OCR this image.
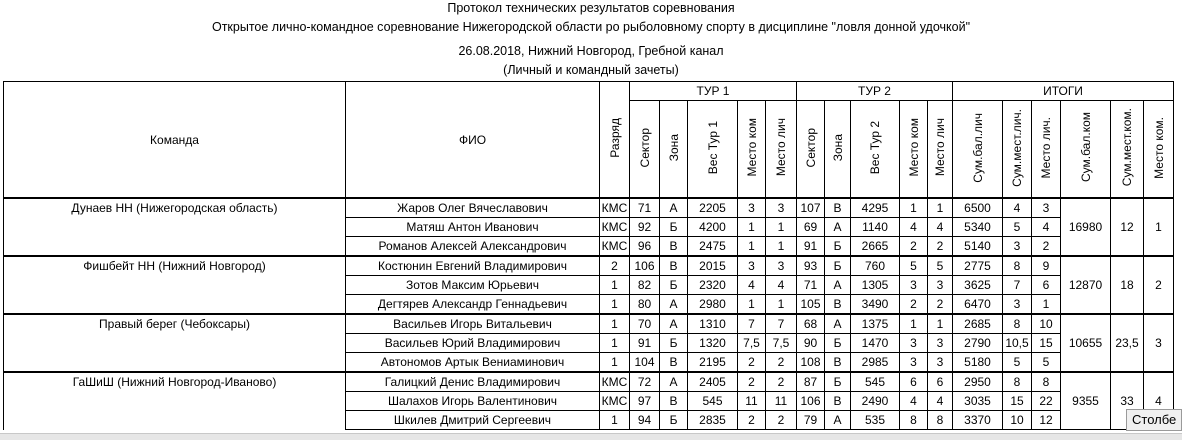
Протокол технических результатов соревнования
Открытое лично-командное соревнование Нижегородской области ро рыболовному спорту в дисциплине "ловля донной удочкой"
26.08.2018, Нижний Новгород, Гребной канал
(Личный и командный зачеты)
Команда	ФИО	Разряд	ТУР 1					ТУР 2					ИТОГИ					
			Сектор	Зона	Вес Тур 1	Место ком	Место лич	Сектор	Зона	Вес Тур 2	Место ком	Место лич	Сум.бал.лич	Сум.мест.лич.	Место лич.	Сум.бал.ком	Сум.мест.ком.	Место ком.
Дунаев НН (Нижегородская область)	Жаров Олег Вячеславович	КМС	71	А	2205	3	3	107	В	4295	1	1	6500	4	3	16980	12	1
	Матяш Антон Иванович	КМС	92	Б	4200	1	1	69	А	1140	4	4	5340	5	4			
	Романов Алексей Александрович	КМС	96	В	2475	1	1	91	Б	2665	2	2	5140	3	2			
Фишбейт НН (Нижний Новгород)	Костюнин Евгений Владимирович	2	106	В	2015	3	3	93	Б	760	5	5	2775	8	9	12870	18	2
	Зотов Максим Юрьевич	1	82	Б	2320	4	4	71	А	1305	3	3	3625	7	6			
	Дегтярев Александр Геннадьевич	1	80	А	2980	1	1	105	В	3490	2	2	6470	3	1			
Правый берег (Чебоксары)	Васильев Игорь Витальевич	1	70	А	1310	7	7	68	А	1375	1	1	2685	8	10	10655	23,5	3
	Васильев Юрий Владимирович	1	91	Б	1320	7,5	7,5	90	Б	1470	3	3	2790	10,5	15			
	Автономов Артык Вениаминович	1	104	В	2195	2	2	108	В	2985	3	3	5180	5	5			
ГаШиШ (Нижний Новгород-Иваново)	Галицкий Денис Владимирович	КМС	72	А	2405	2	2	87	Б	545	6	6	2950	8	8	9355	33	4
	Шалахов Игорь Валентинович	КМС	97	В	545	11	11	106	В	2490	4	4	3035	15	22			
	Шкилев Дмитрий Сергеевич	1	94	Б	2835	2	2	79	А	535	8	8	3370	10	12				Столбе
